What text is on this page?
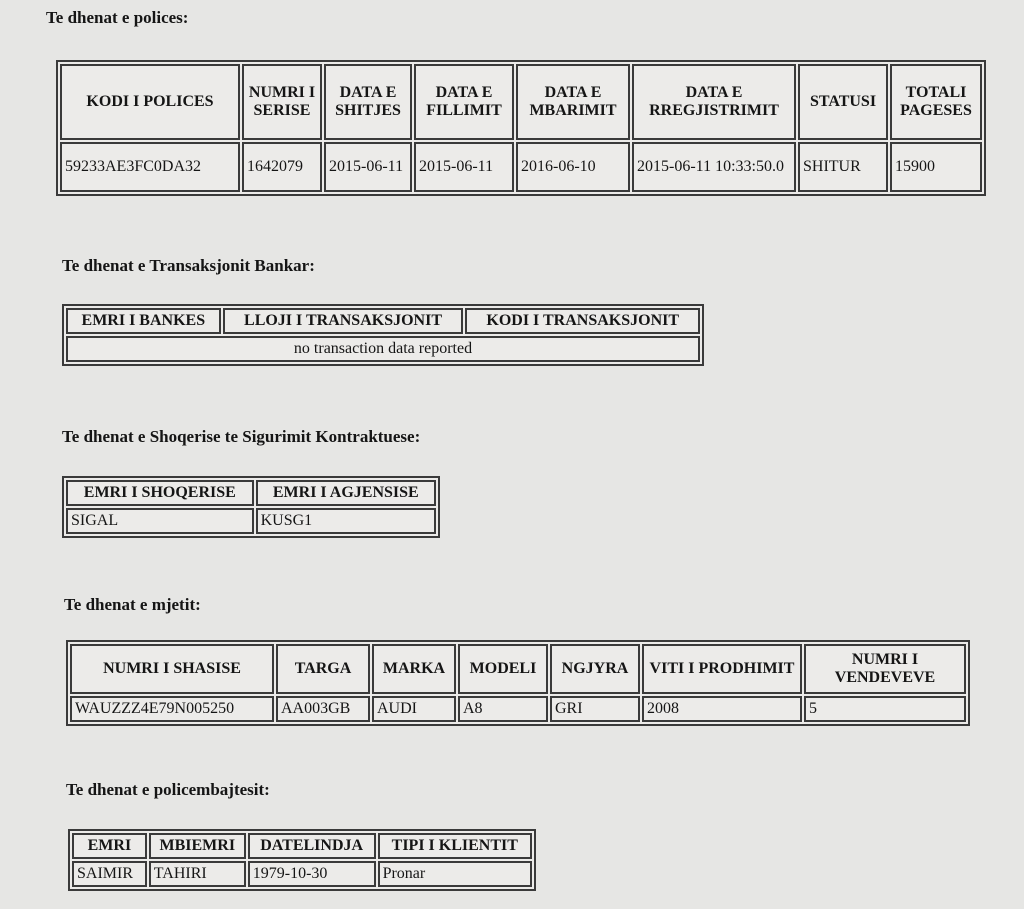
Te dhenat e polices:
KODI I POLICES	NUMRI I SERISE	DATA E SHITJES	DATA E FILLIMIT	DATA E MBARIMIT	DATA E RREGJISTRIMIT	STATUSI	TOTALI PAGESES
59233AE3FC0DA32	1642079	2015-06-11	2015-06-11	2016-06-10	2015-06-11 10:33:50.0	SHITUR	15900
Te dhenat e Transaksjonit Bankar:
EMRI I BANKES	LLOJI I TRANSAKSJONIT	KODI I TRANSAKSJONIT
no transaction data reported
Te dhenat e Shoqerise te Sigurimit Kontraktuese:
EMRI I SHOQERISE	EMRI I AGJENSISE
SIGAL	KUSG1
Te dhenat e mjetit:
NUMRI I SHASISE	TARGA	MARKA	MODELI	NGJYRA	VITI I PRODHIMIT	NUMRI I VENDEVEVE
WAUZZZ4E79N005250	AA003GB	AUDI	A8	GRI	2008	5
Te dhenat e policembajtesit:
EMRI	MBIEMRI	DATELINDJA	TIPI I KLIENTIT
SAIMIR	TAHIRI	1979-10-30	Pronar
